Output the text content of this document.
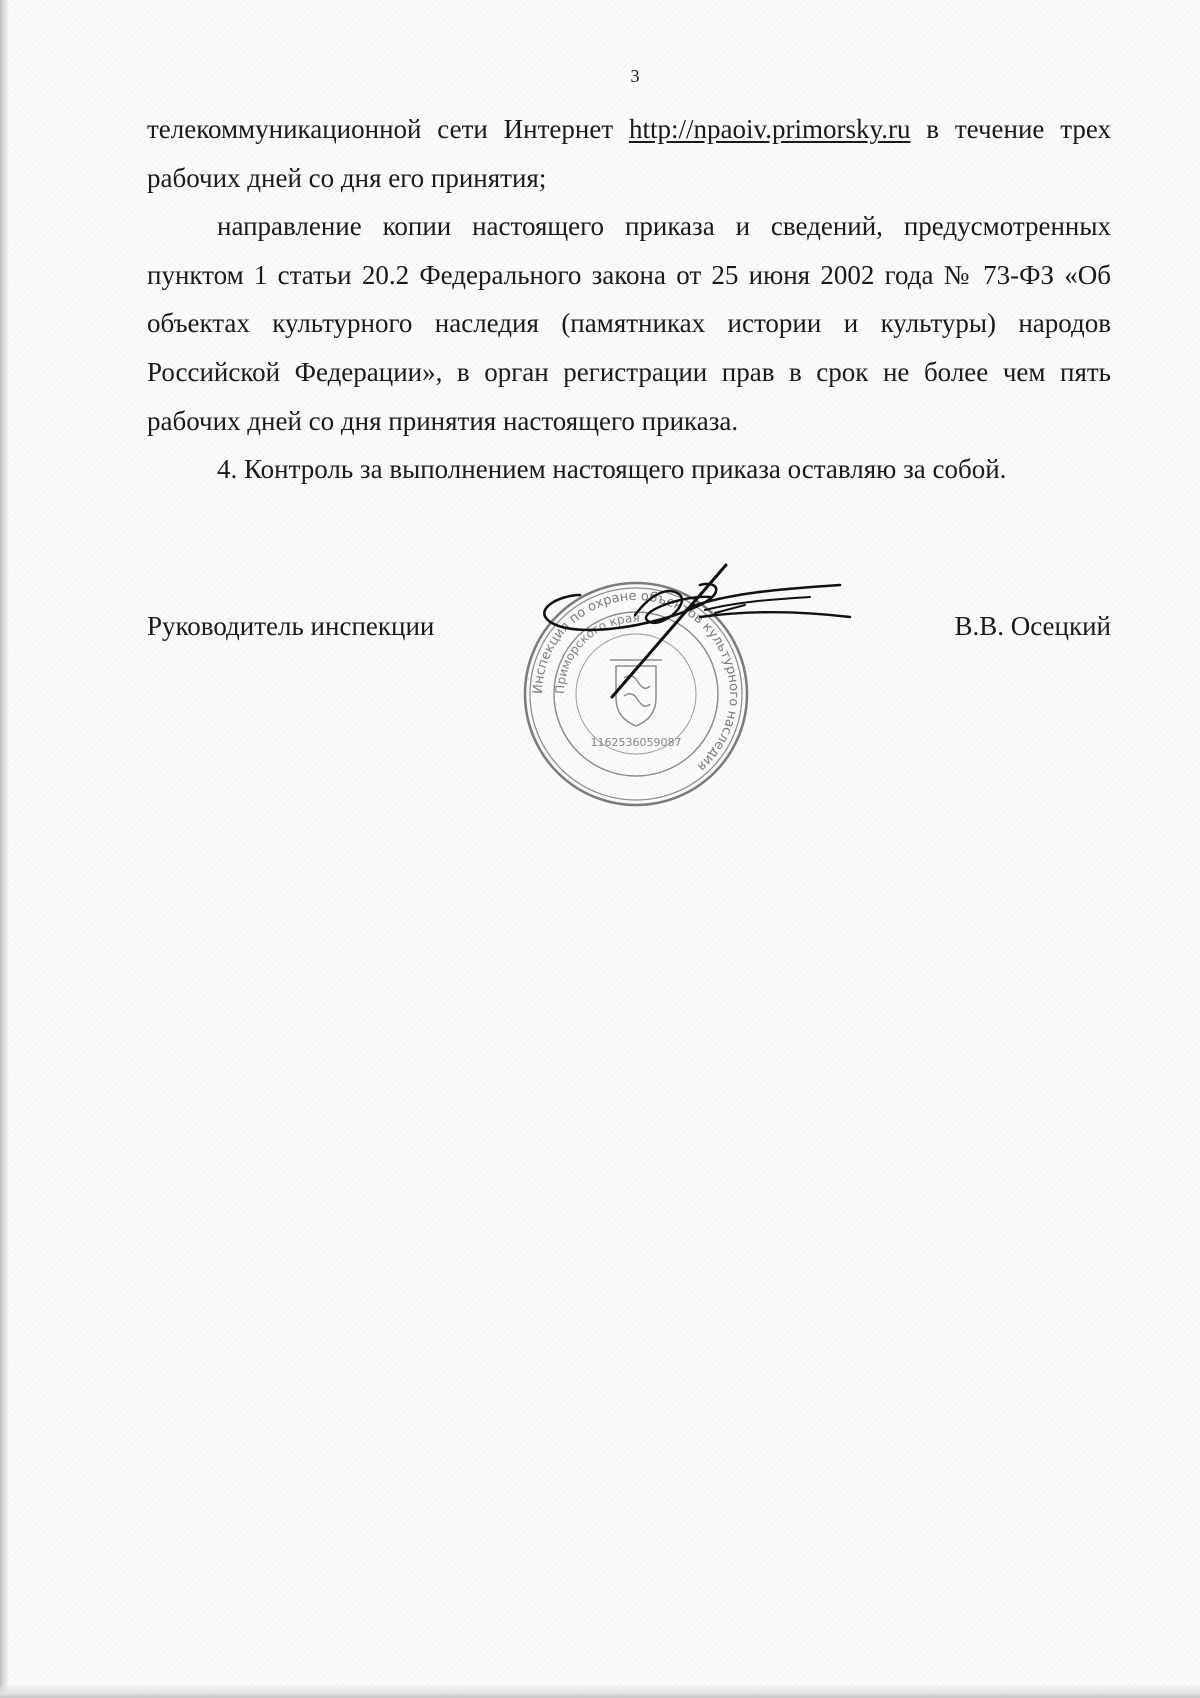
3

телекоммуникационной сети Интернет http://npaoiv.primorsky.ru в течение трех рабочих дней со дня его принятия;

направление копии настоящего приказа и сведений, предусмотренных пунктом 1 статьи 20.2 Федерального закона от 25 июня 2002 года № 73-ФЗ «Об объектах культурного наследия (памятниках истории и культуры) народов Российской Федерации», в орган регистрации прав в срок не более чем пять рабочих дней со дня принятия настоящего приказа.

4. Контроль за выполнением настоящего приказа оставляю за собой.

Инспекция по охране объектов культурного наследия
Приморского края
1162536059087
Руководитель инспекции	В.В. Осецкий
